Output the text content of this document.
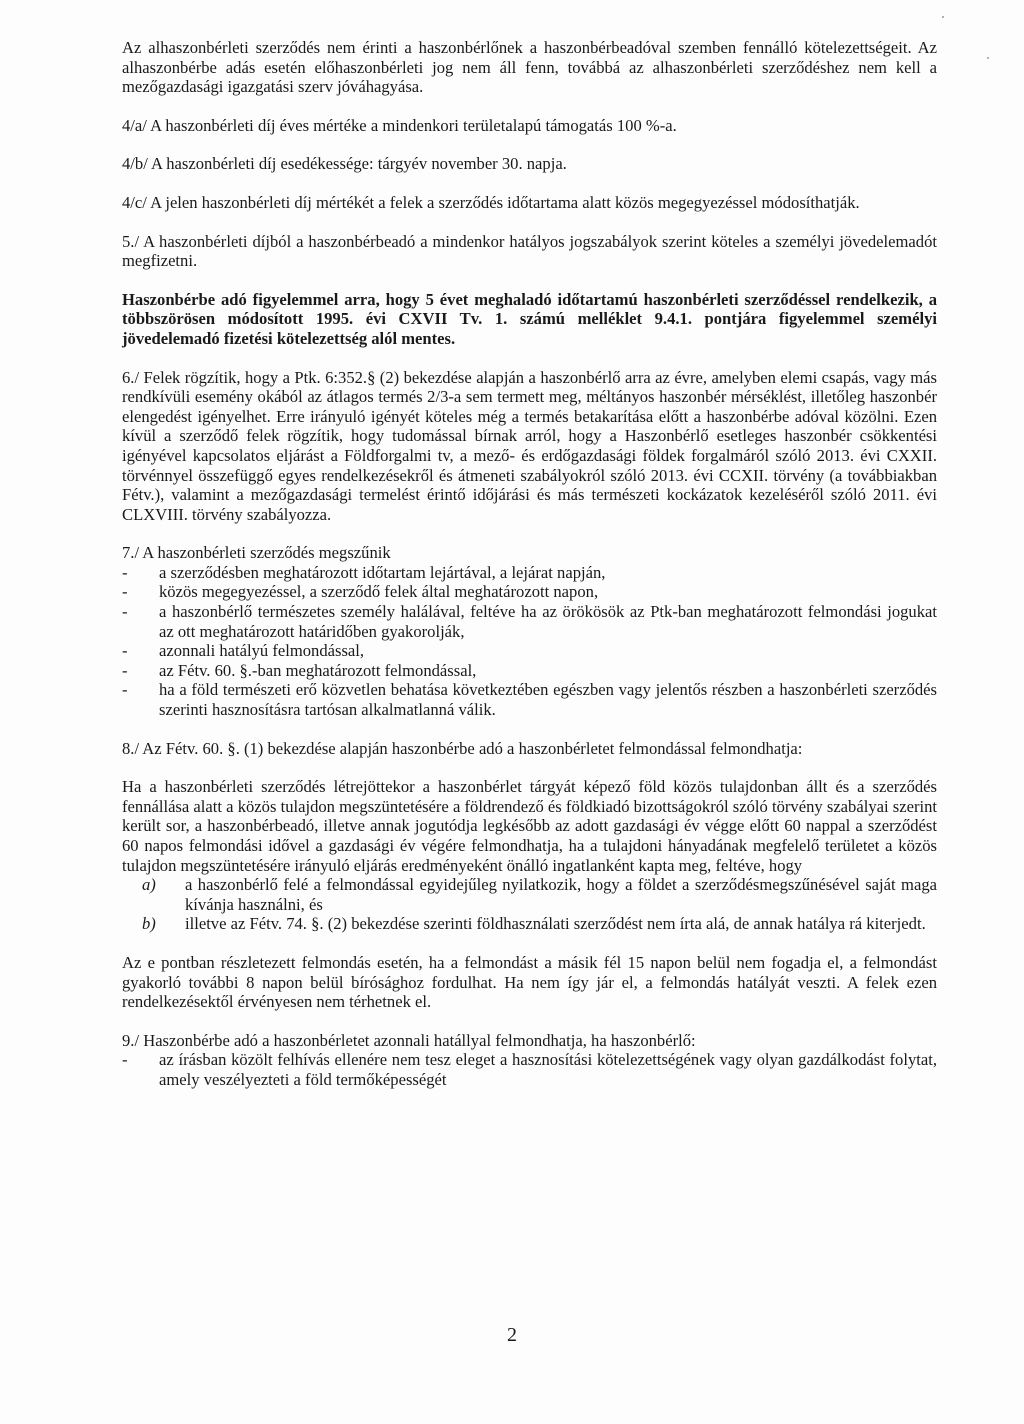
Az alhaszonbérleti szerződés nem érinti a haszonbérlőnek a haszonbérbeadóval szemben fennálló kötelezettségeit. Az alhaszonbérbe adás esetén előhaszonbérleti jog nem áll fenn, továbbá az alhaszonbérleti szerződéshez nem kell a mezőgazdasági igazgatási szerv jóváhagyása.

4/a/ A haszonbérleti díj éves mértéke a mindenkori területalapú támogatás 100 %-a.

4/b/ A haszonbérleti díj esedékessége: tárgyév november 30. napja.

4/c/ A jelen haszonbérleti díj mértékét a felek a szerződés időtartama alatt közös megegyezéssel módosíthatják.

5./ A haszonbérleti díjból a haszonbérbeadó a mindenkor hatályos jogszabályok szerint köteles a személyi jövedelemadót megfizetni.

Haszonbérbe adó figyelemmel arra, hogy 5 évet meghaladó időtartamú haszonbérleti szerződéssel rendelkezik, a többszörösen módosított 1995. évi CXVII Tv. 1. számú melléklet 9.4.1. pontjára figyelemmel személyi jövedelemadó fizetési kötelezettség alól mentes.

6./ Felek rögzítik, hogy a Ptk. 6:352.§ (2) bekezdése alapján a haszonbérlő arra az évre, amelyben elemi csapás, vagy más rendkívüli esemény okából az átlagos termés 2/3-a sem termett meg, méltányos haszonbér mérséklést, illetőleg haszonbér elengedést igényelhet. Erre irányuló igényét köteles még a termés betakarítása előtt a haszonbérbe adóval közölni. Ezen kívül a szerződő felek rögzítik, hogy tudomással bírnak arról, hogy a Haszonbérlő esetleges haszonbér csökkentési igényével kapcsolatos eljárást a Földforgalmi tv, a mező- és erdőgazdasági földek forgalmáról szóló 2013. évi CXXII. törvénnyel összefüggő egyes rendelkezésekről és átmeneti szabályokról szóló 2013. évi CCXII. törvény (a továbbiakban Fétv.), valamint a mezőgazdasági termelést érintő időjárási és más természeti kockázatok kezeléséről szóló 2011. évi CLXVIII. törvény szabályozza.

7./ A haszonbérleti szerződés megszűnik

- a szerződésben meghatározott időtartam lejártával, a lejárat napján,
- közös megegyezéssel, a szerződő felek által meghatározott napon,
- a haszonbérlő természetes személy halálával, feltéve ha az örökösök az Ptk-ban meghatározott felmondási jogukat az ott meghatározott határidőben gyakorolják,
- azonnali hatályú felmondással,
- az Fétv. 60. §.-ban meghatározott felmondással,
- ha a föld természeti erő közvetlen behatása következtében egészben vagy jelentős részben a haszonbérleti szerződés szerinti hasznosításra tartósan alkalmatlanná válik.

8./ Az Fétv. 60. §. (1) bekezdése alapján haszonbérbe adó a haszonbérletet felmondással felmondhatja:

Ha a haszonbérleti szerződés létrejöttekor a haszonbérlet tárgyát képező föld közös tulajdonban állt és a szerződés fennállása alatt a közös tulajdon megszüntetésére a földrendező és földkiadó bizottságokról szóló törvény szabályai szerint került sor, a haszonbérbeadó, illetve annak jogutódja legkésőbb az adott gazdasági év végge előtt 60 nappal a szerződést 60 napos felmondási idővel a gazdasági év végére felmondhatja, ha a tulajdoni hányadának megfelelő területet a közös tulajdon megszüntetésére irányuló eljárás eredményeként önálló ingatlanként kapta meg, feltéve, hogy

a) a haszonbérlő felé a felmondással egyidejűleg nyilatkozik, hogy a földet a szerződésmegszűnésével saját maga kívánja használni, és
b) illetve az Fétv. 74. §. (2) bekezdése szerinti földhasználati szerződést nem írta alá, de annak hatálya rá kiterjedt.

Az e pontban részletezett felmondás esetén, ha a felmondást a másik fél 15 napon belül nem fogadja el, a felmondást gyakorló további 8 napon belül bírósághoz fordulhat. Ha nem így jár el, a felmondás hatályát veszti. A felek ezen rendelkezésektől érvényesen nem térhetnek el.

9./ Haszonbérbe adó a haszonbérletet azonnali hatállyal felmondhatja, ha haszonbérlő:

- az írásban közölt felhívás ellenére nem tesz eleget a hasznosítási kötelezettségének vagy olyan gazdálkodást folytat, amely veszélyezteti a föld termőképességét
2
